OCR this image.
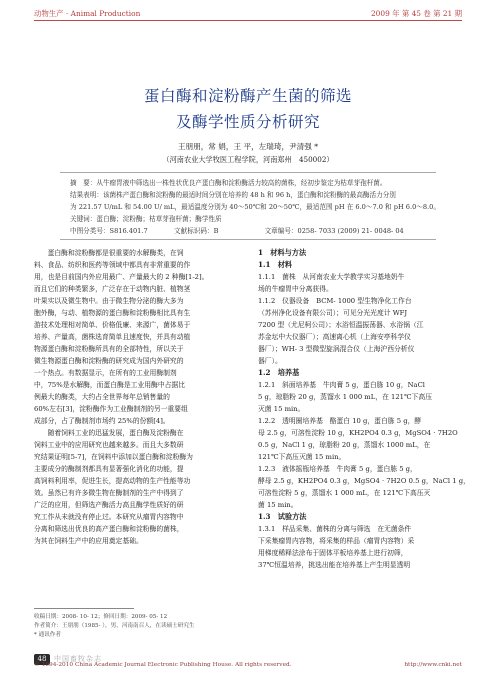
动物生产 · Animal Production	2009 年 第 45 卷 第 21 期
蛋白酶和淀粉酶产生菌的筛选
及酶学性质分析研究
王朋朋，常 娟，王 平，左瑞琦，尹清强 *
（河南农业大学牧医工程学院，河南郑州　450002）
摘　要：从牛瘤胃液中筛选出一株性状优良产蛋白酶和淀粉酶活力较高的菌株，经初步鉴定为枯草芽孢杆菌。
结果表明：该菌株产蛋白酶和淀粉酶的最适时间分别在培养的 48 h 和 96 h，蛋白酶和淀粉酶的最高酶活力分别
为 221.57 U/mL 和 54.00 U/ mL，最适温度分别为 40～50℃和 20～50℃，最适范围 pH 在 6.0～7.0 和 pH 6.0～8.0。
关键词：蛋白酶；淀粉酶；枯草芽孢杆菌；酶学性质
中图分类号：S816.401.7　　　　文献标识码：B　　　　　　　文章编号：0258- 7033 (2009) 21- 0048- 04
　　蛋白酶和淀粉酶都是很重要的水解酶类，在饲
料、食品、纺织和医药等领域中都具有非常重要的作
用，也是目前国内外应用最广、产量最大的 2 种酶[1-2]。
而且它们的种类繁多，广泛存在于动物内脏、植物茎
叶果实以及微生物中。由于微生物分泌的酶大多为
胞外酶，与动、植物源的蛋白酶和淀粉酶相比具有生
游技术处理相对简单、价格低廉、来源广，菌体易于
培养、产量高，菌株选育简单且速度快，并具有动植
物源蛋白酶和淀粉酶所具有的全部特性，所以关于
微生物源蛋白酶和淀粉酶的研究成为国内外研究的
一个热点。有数据显示，在所有的工业用酶制剂
中，75%是水解酶，而蛋白酶是工业用酶中占据比
例最大的酶类，大约占全世界每年总销售量的
60%左右[3]，淀粉酶作为工业酶制剂的另一重要组
成部分，占了酶制剂市场约 25%的份额[4]。
　　随着饲料工业的迅猛发展，蛋白酶及淀粉酶在
饲料工业中的应用研究也越来越多。而且大多数研
究结果证明[5-7]，在饲料中添加以蛋白酶和淀粉酶为
主要成分的酶制剂都具有显著强化消化的功能，提
高饲料利用率，促进生长，提高动物的生产性能等功
效。虽然已有许多微生物在酶制剂的生产中得到了
广泛的应用，但筛选产酶活力高且酶学性质好的研
究工作从未就没有停止过。本研究从瘤胃内容物中
分离和筛选出优良的高产蛋白酶和淀粉酶的菌株，
为其在饲料生产中的应用奠定基础。
1　材料与方法
1.1　材料
1.1.1　菌株　从河南农业大学教学实习基地奶牛
场的牛瘤胃中分离获得。
1.1.2　仪器设备　BCM- 1000 型生物净化工作台
（苏州净化设备有限公司）；可见分光光度计 WFJ
7200 型（尤尼柯公司）；水浴恒温振荡器、水浴锅（江
苏金坛中大仪器厂）；高速离心机（上海安亭科学仪
器厂）；WH- 3 型微型旋涡混合仪（上海沪西分析仪
器厂）。
1.2　培养基
1.2.1　斜面培养基　牛肉膏 5 g，蛋白胨 10 g，NaCl
5 g，琼脂粉 20 g，蒸馏水 1 000 mL，在 121℃下高压
灭菌 15 min。
1.2.2　透明圈培养基　酪蛋白 10 g，蛋白胨 5 g，酵
母 2.5 g，可溶性淀粉 10 g，KH2PO4 0.3 g，MgSO4 · 7H2O
0.5 g，NaCl 1 g，琼脂粉 20 g，蒸馏水 1000 mL，在
121℃下高压灭菌 15 min。
1.2.3　液体摇瓶培养基　牛肉膏 5 g，蛋白胨 5 g，
酵母 2.5 g，KH2PO4 0.3 g，MgSO4 · 7H2O 0.5 g，NaCl 1 g，
可溶性淀粉 5 g，蒸馏水 1 000 mL，在 121℃下高压灭
菌 15 min。
1.3　试验方法
1.3.1　样品采集、菌株的分离与筛选　在无菌条件
下采集瘤胃内容物，将采集的样品（瘤胃内容物）采
用梯度稀释法涂布于固体平板培养基上进行初筛，
37℃恒温培养，挑选出能在培养基上产生明显透明
收稿日期：2008- 10- 12；修回日期：2009- 05- 12
作者简介：王朋朋（1985- ），男，河南南召人，在读硕士研究生
* 通讯作者
48	中国畜牧杂志
© 1994-2010 China Academic Journal Electronic Publishing House. All rights reserved.	http://www.cnki.net
